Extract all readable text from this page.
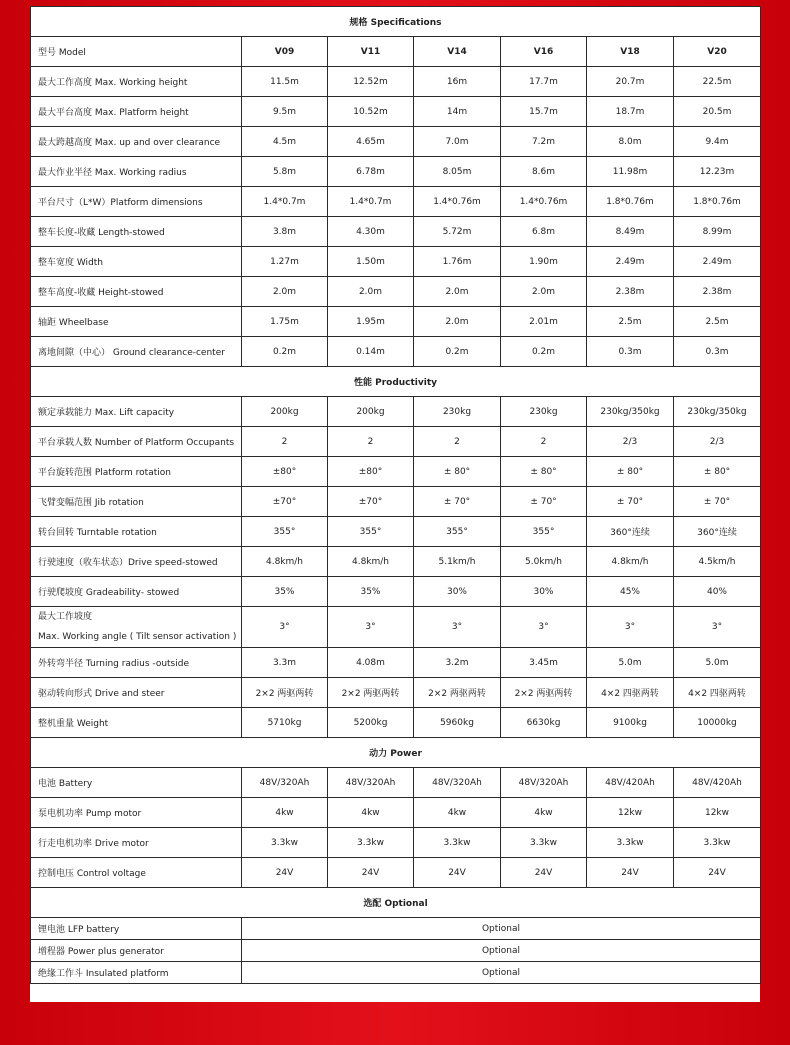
规格 Specifications						
型号 Model	V09	V11	V14	V16	V18	V20
最大工作高度 Max. Working height	11.5m	12.52m	16m	17.7m	20.7m	22.5m
最大平台高度 Max. Platform height	9.5m	10.52m	14m	15.7m	18.7m	20.5m
最大跨越高度 Max. up and over clearance	4.5m	4.65m	7.0m	7.2m	8.0m	9.4m
最大作业半径 Max. Working radius	5.8m	6.78m	8.05m	8.6m	11.98m	12.23m
平台尺寸（L*W）Platform dimensions	1.4*0.7m	1.4*0.7m	1.4*0.76m	1.4*0.76m	1.8*0.76m	1.8*0.76m
整车长度-收藏 Length-stowed	3.8m	4.30m	5.72m	6.8m	8.49m	8.99m
整车宽度 Width	1.27m	1.50m	1.76m	1.90m	2.49m	2.49m
整车高度-收藏 Height-stowed	2.0m	2.0m	2.0m	2.0m	2.38m	2.38m
轴距 Wheelbase	1.75m	1.95m	2.0m	2.01m	2.5m	2.5m
离地间隙（中心） Ground clearance-center	0.2m	0.14m	0.2m	0.2m	0.3m	0.3m
性能 Productivity						
额定承载能力 Max. Lift capacity	200kg	200kg	230kg	230kg	230kg/350kg	230kg/350kg
平台承载人数 Number of Platform Occupants	2	2	2	2	2/3	2/3
平台旋转范围 Platform rotation	±80°	±80°	± 80°	± 80°	± 80°	± 80°
飞臂变幅范围 Jib rotation	±70°	±70°	± 70°	± 70°	± 70°	± 70°
转台回转 Turntable rotation	355°	355°	355°	355°	360°连续	360°连续
行驶速度（收车状态）Drive speed-stowed	4.8km/h	4.8km/h	5.1km/h	5.0km/h	4.8km/h	4.5km/h
行驶爬坡度 Gradeability- stowed	35%	35%	30%	30%	45%	40%

最大工作坡度
Max. Working angle ( Tilt sensor activation )	3°	3°	3°	3°	3°	3°
外转弯半径 Turning radius -outside	3.3m	4.08m	3.2m	3.45m	5.0m	5.0m
驱动转向形式 Drive and steer	2×2 两驱两转	2×2 两驱两转	2×2 两驱两转	2×2 两驱两转	4×2 四驱两转	4×2 四驱两转
整机重量 Weight	5710kg	5200kg	5960kg	6630kg	9100kg	10000kg
动力 Power						
电池 Battery	48V/320Ah	48V/320Ah	48V/320Ah	48V/320Ah	48V/420Ah	48V/420Ah
泵电机功率 Pump motor	4kw	4kw	4kw	4kw	12kw	12kw
行走电机功率 Drive motor	3.3kw	3.3kw	3.3kw	3.3kw	3.3kw	3.3kw
控制电压 Control voltage	24V	24V	24V	24V	24V	24V
选配 Optional						
锂电池 LFP battery	Optional					
增程器 Power plus generator	Optional					
绝缘工作斗 Insulated platform	Optional					
